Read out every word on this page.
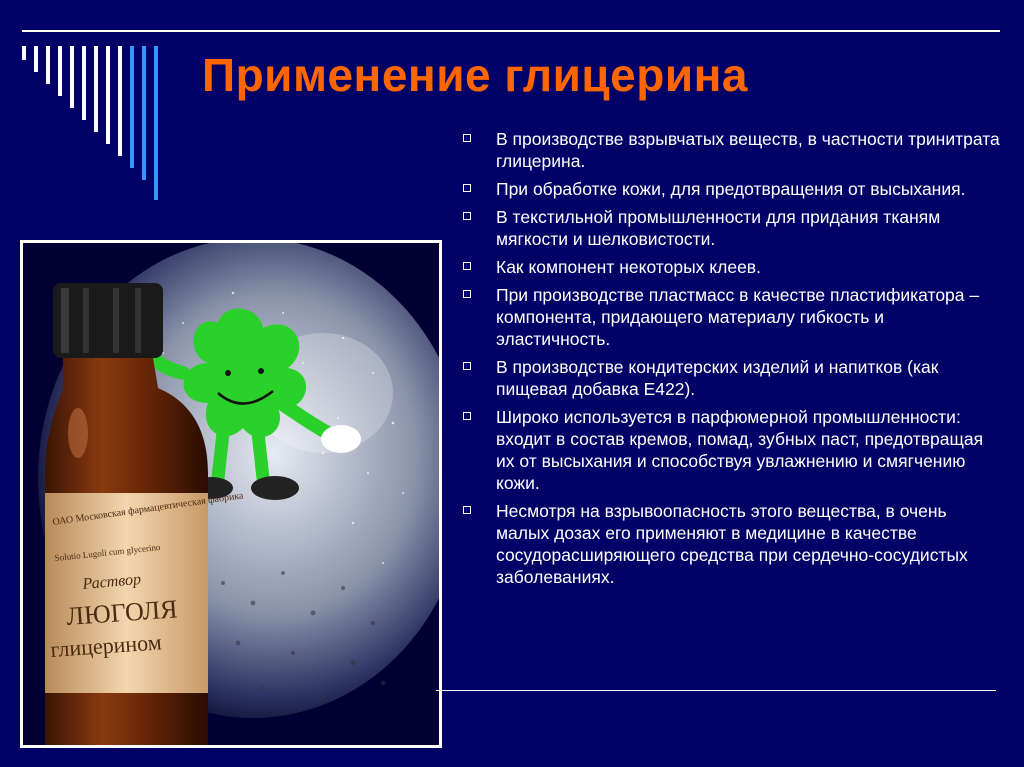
Применение глицерина
ОАО Московская фармацевтическая фабрика
Solutio Lugoli cum glycerino
Раствор
ЛЮГОЛЯ
глицерином
В производстве взрывчатых веществ, в частности тринитрата глицерина.
При обработке кожи, для предотвращения от высыхания.
В текстильной промышленности для придания тканям мягкости и шелковистости.
Как компонент некоторых клеев.
При производстве пластмасс в качестве пластификатора – компонента, придающего материалу гибкость и эластичность.
В производстве кондитерских изделий и напитков (как пищевая добавка Е422).
Широко используется в парфюмерной промышленности: входит в состав кремов, помад, зубных паст, предотвращая их от высыхания и способствуя увлажнению и смягчению кожи.
Несмотря на взрывоопасность этого вещества, в очень малых дозах его применяют в медицине в качестве сосудорасширяющего средства при сердечно-сосудистых заболеваниях.
